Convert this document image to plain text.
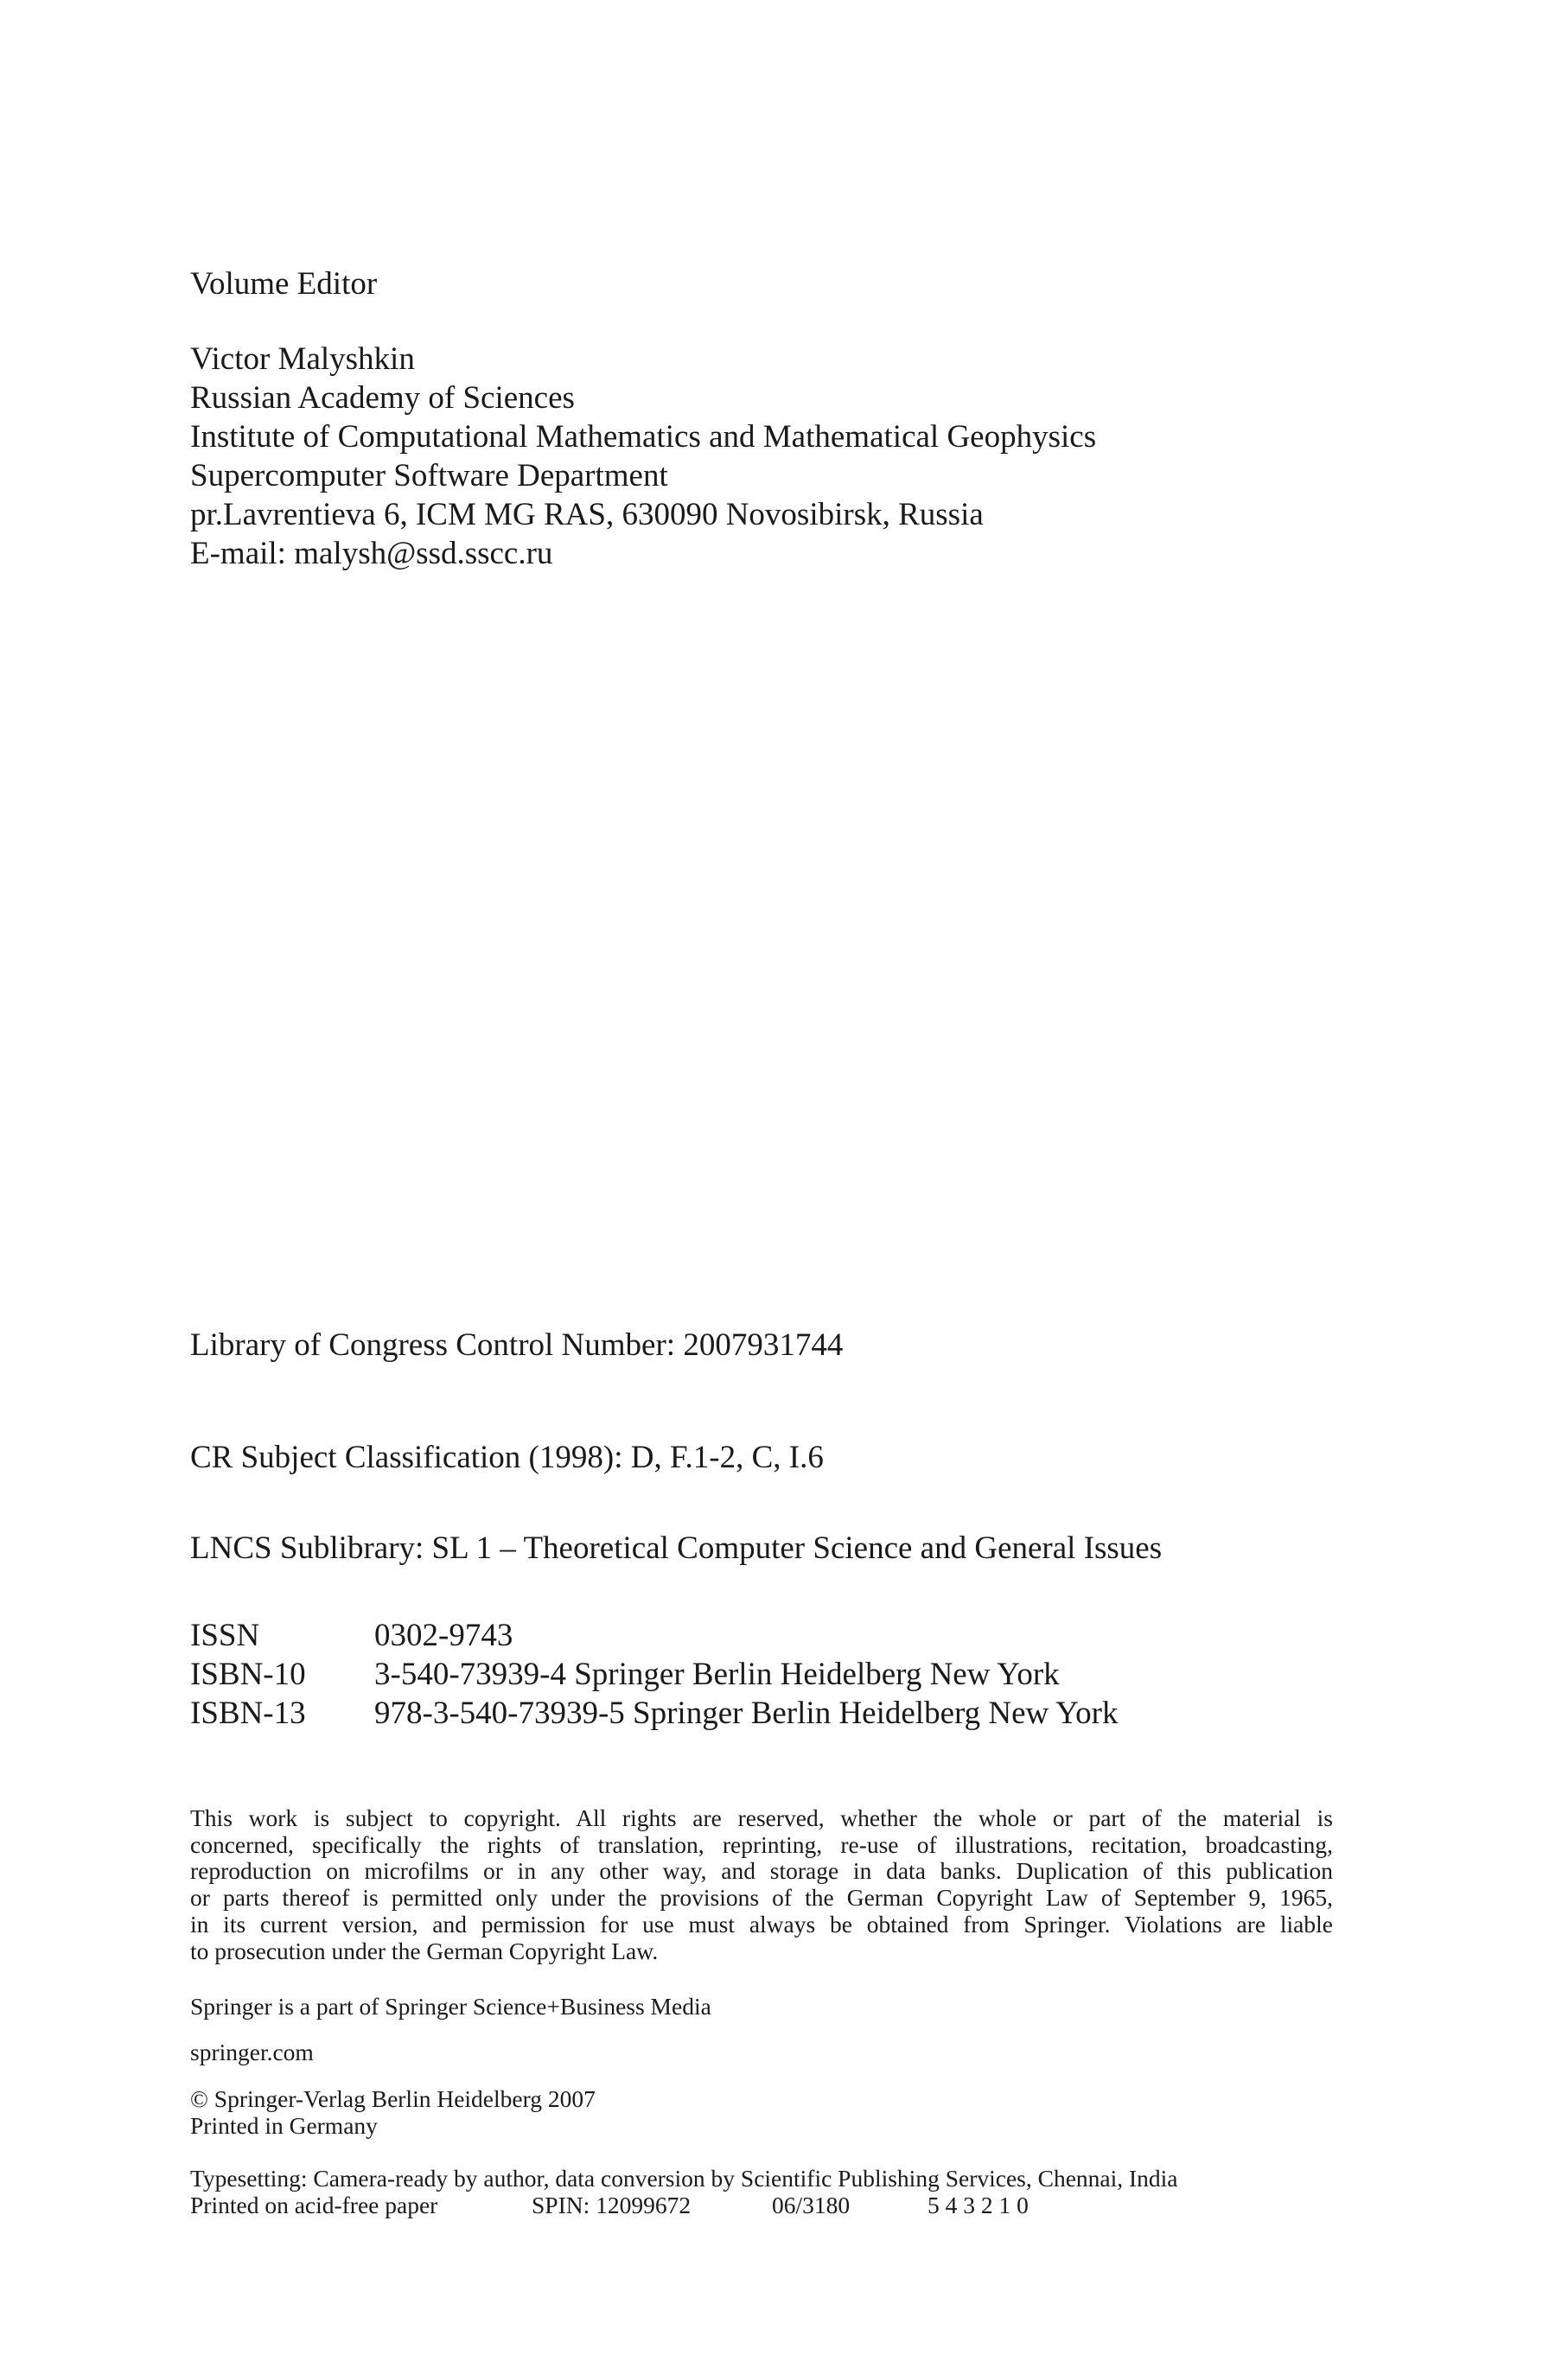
Volume Editor
Victor Malyshkin
Russian Academy of Sciences
Institute of Computational Mathematics and Mathematical Geophysics
Supercomputer Software Department
pr.Lavrentieva 6, ICM MG RAS, 630090 Novosibirsk, Russia
E-mail: malysh@ssd.sscc.ru
Library of Congress Control Number: 2007931744
CR Subject Classification (1998): D, F.1-2, C, I.6
LNCS Sublibrary: SL 1 – Theoretical Computer Science and General Issues
ISSN	0302-9743
ISBN-10 3-540-73939-4 Springer Berlin Heidelberg New York
ISBN-13 978-3-540-73939-5 Springer Berlin Heidelberg New York
This work is subject to copyright. All rights are reserved, whether the whole or part of the material is
concerned, specifically the rights of translation, reprinting, re-use of illustrations, recitation, broadcasting,
reproduction on microfilms or in any other way, and storage in data banks. Duplication of this publication
or parts thereof is permitted only under the provisions of the German Copyright Law of September 9, 1965,
in its current version, and permission for use must always be obtained from Springer. Violations are liable
to prosecution under the German Copyright Law.
Springer is a part of Springer Science+Business Media
springer.com
© Springer-Verlag Berlin Heidelberg 2007
Printed in Germany
Typesetting: Camera-ready by author, data conversion by Scientific Publishing Services, Chennai, India
Printed on acid-free paper	SPIN: 12099672	06/3180	5 4 3 2 1 0
